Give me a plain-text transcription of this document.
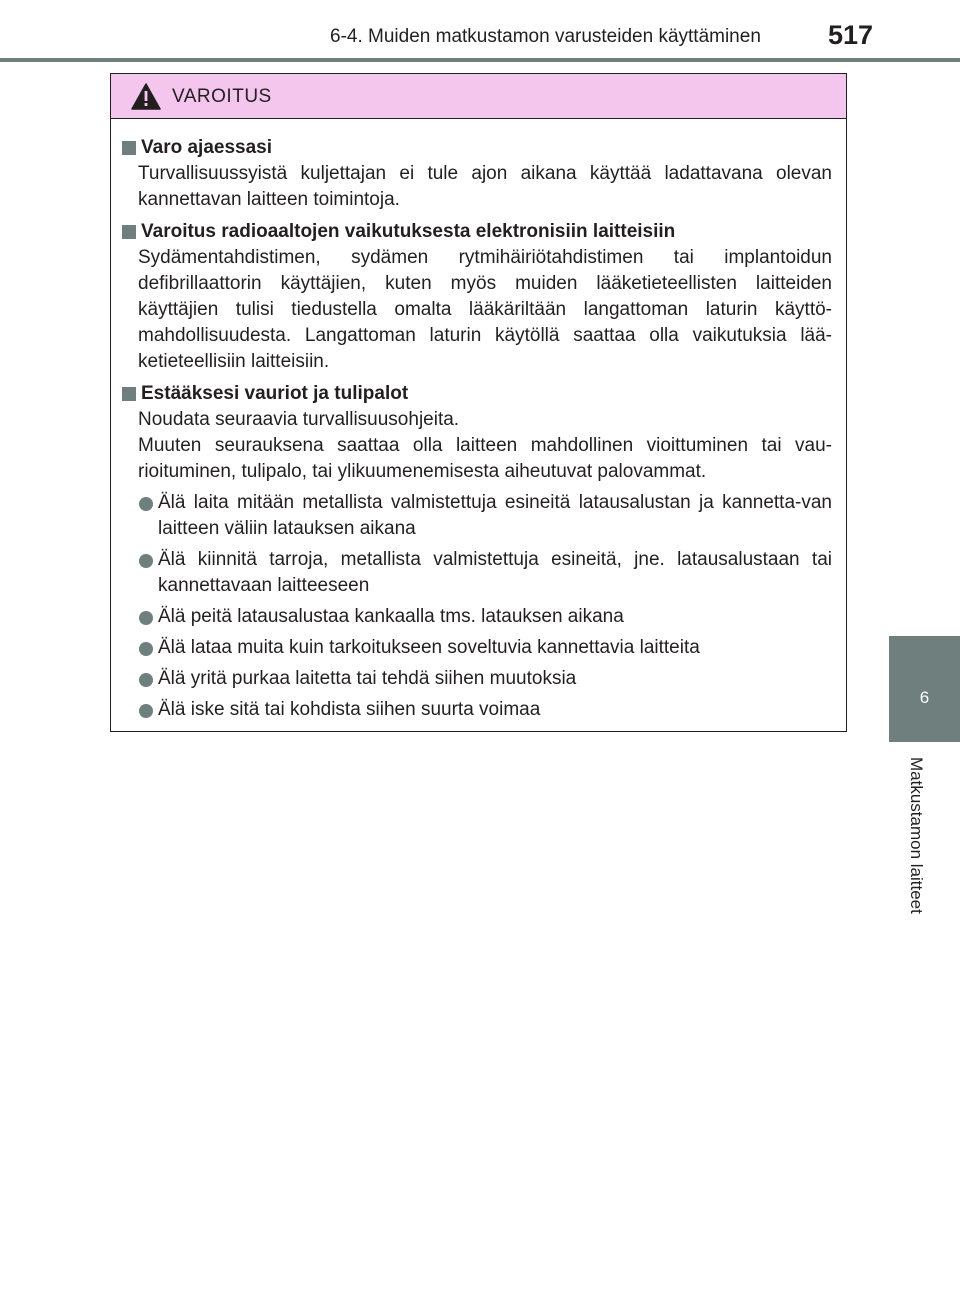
6-4. Muiden matkustamon varusteiden käyttäminen 517
6
Matkustamon laitteet
VAROITUS
Varo ajaessasi
Turvallisuussyistä kuljettajan ei tule ajon aikana käyttää ladattavana olevan kannettavan laitteen toimintoja.
Varoitus radioaaltojen vaikutuksesta elektronisiin laitteisiin
Sydämentahdistimen, sydämen rytmihäiriötahdistimen tai implantoidun defibrillaattorin käyttäjien, kuten myös muiden lääketieteellisten laitteiden käyttäjien tulisi tiedustella omalta lääkäriltään langattoman laturin käyttö-mahdollisuudesta. Langattoman laturin käytöllä saattaa olla vaikutuksia lää-ketieteellisiin laitteisiin.
Estääksesi vauriot ja tulipalot
Noudata seuraavia turvallisuusohjeita.
Muuten seurauksena saattaa olla laitteen mahdollinen vioittuminen tai vau-rioituminen, tulipalo, tai ylikuumenemisesta aiheutuvat palovammat.
Älä laita mitään metallista valmistettuja esineitä latausalustan ja kannetta-van laitteen väliin latauksen aikana
Älä kiinnitä tarroja, metallista valmistettuja esineitä, jne. latausalustaan tai kannettavaan laitteeseen
Älä peitä latausalustaa kankaalla tms. latauksen aikana
Älä lataa muita kuin tarkoitukseen soveltuvia kannettavia laitteita
Älä yritä purkaa laitetta tai tehdä siihen muutoksia
Älä iske sitä tai kohdista siihen suurta voimaa
